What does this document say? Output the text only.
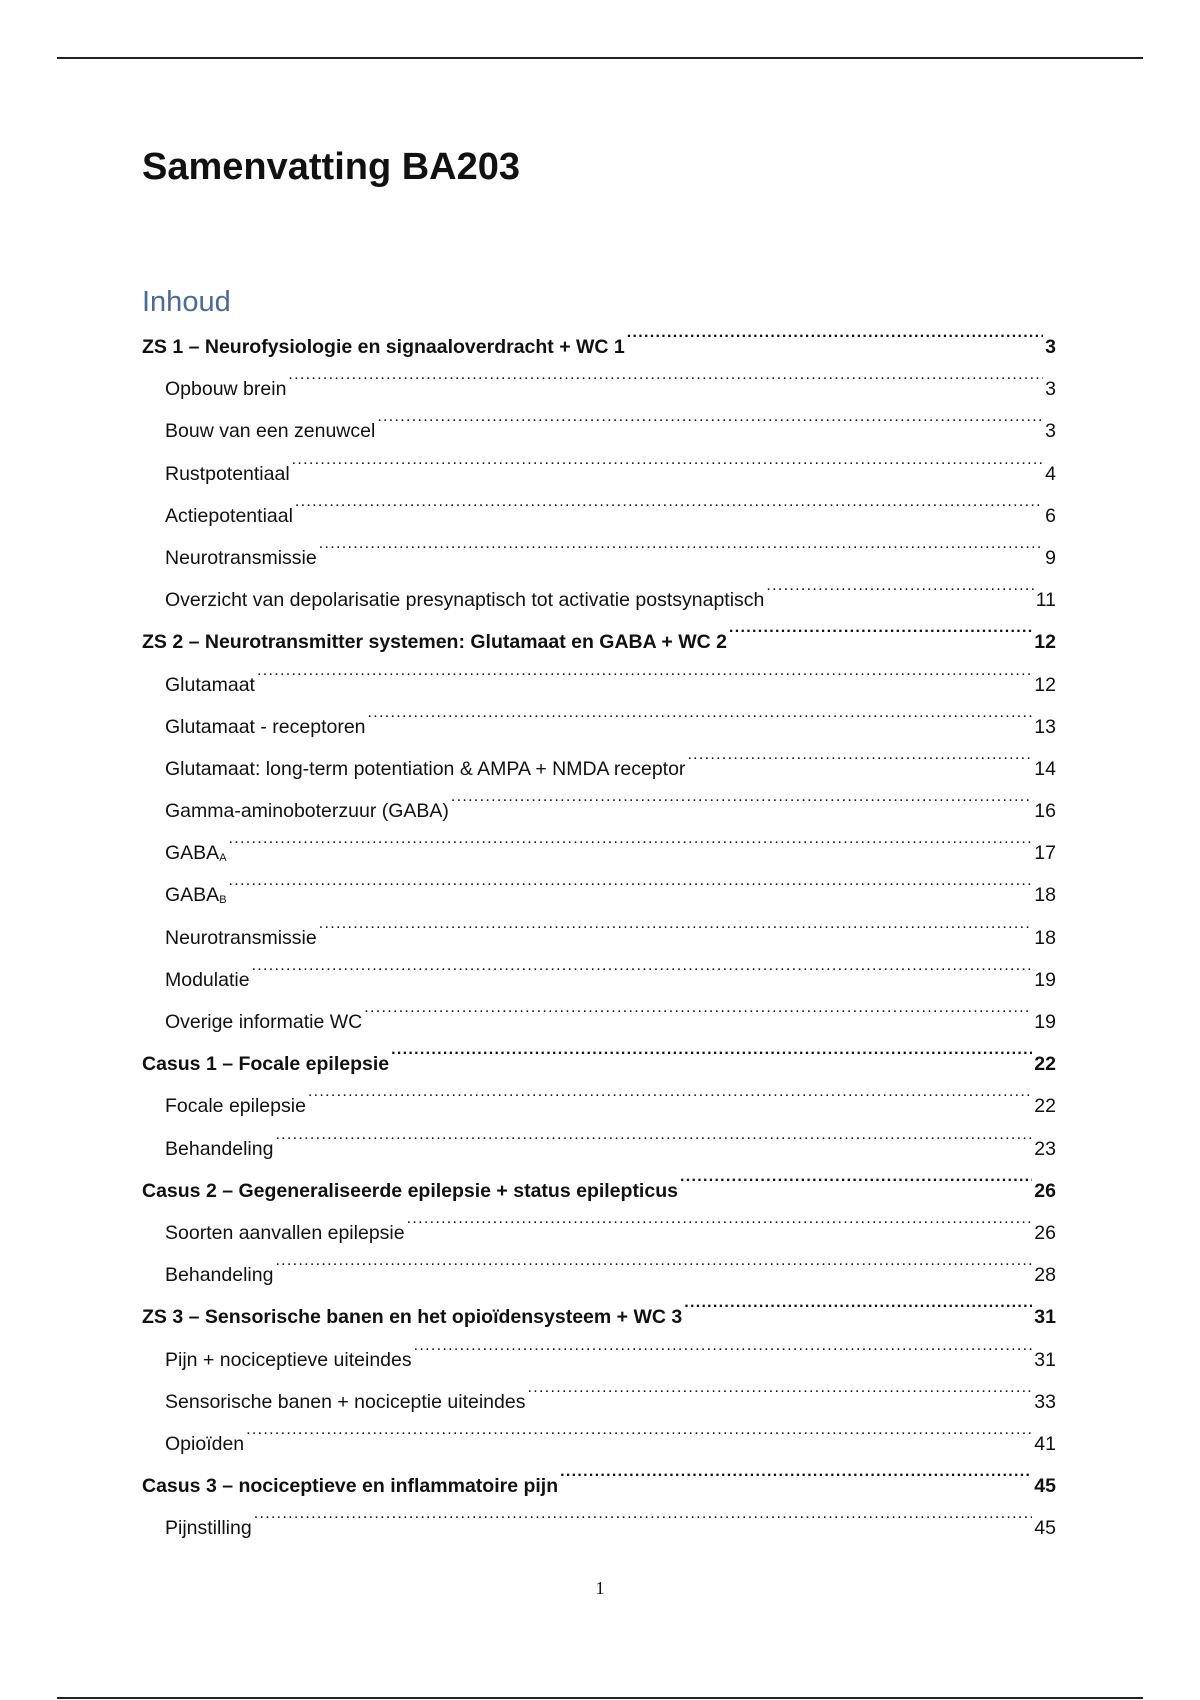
Samenvatting BA203
Inhoud
ZS 1 – Neurofysiologie en signaaloverdracht + WC 1 .....	3
Opbouw brein .....	3
Bouw van een zenuwcel .....	3
Rustpotentiaal .....	4
Actiepotentiaal .....	6
Neurotransmissie .....	9
Overzicht van depolarisatie presynaptisch tot activatie postsynaptisch .....	11
ZS 2 – Neurotransmitter systemen: Glutamaat en GABA + WC 2 .....	12
Glutamaat .....	12
Glutamaat - receptoren .....	13
Glutamaat: long-term potentiation & AMPA + NMDA receptor .....	14
Gamma-aminoboterzuur (GABA) .....	16
$GABA_A$ .....	17
$GABA_B$ .....	18
Neurotransmissie .....	18
Modulatie .....	19
Overige informatie WC .....	19
Casus 1 – Focale epilepsie .....	22
Focale epilepsie .....	22
Behandeling .....	23
Casus 2 – Gegeneraliseerde epilepsie + status epilepticus .....	26
Soorten aanvallen epilepsie .....	26
Behandeling .....	28
ZS 3 – Sensorische banen en het opioïdensysteem + WC 3 .....	31
Pijn + nociceptieve uiteindes .....	31
Sensorische banen + nociceptie uiteindes .....	33
Opioïden .....	41
Casus 3 – nociceptieve en inflammatoire pijn .....	45
Pijnstilling .....	45
1
